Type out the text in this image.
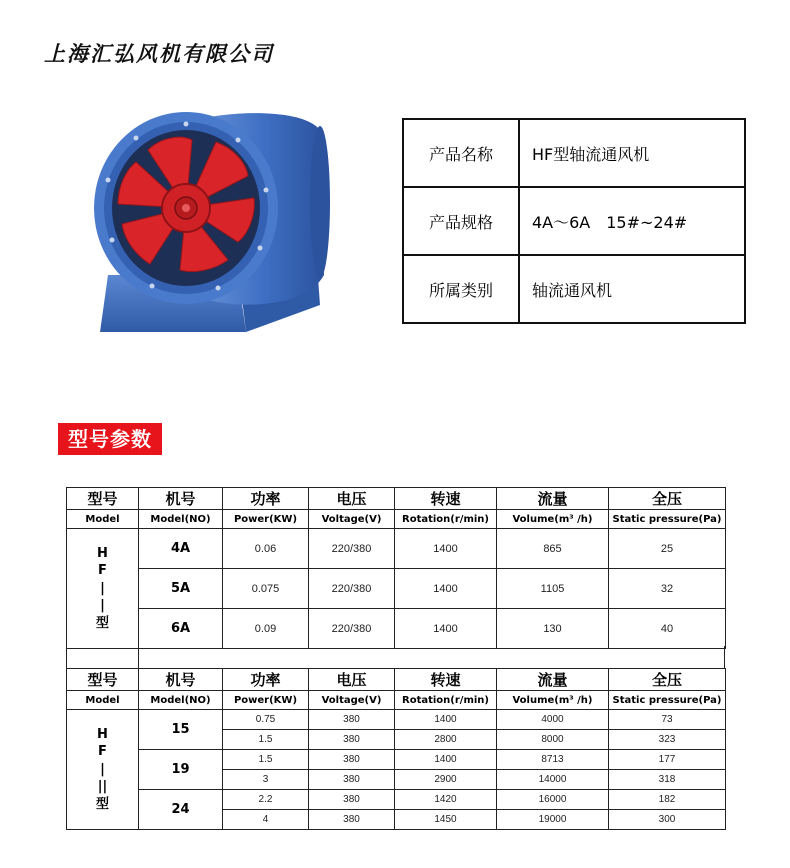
上海汇弘风机有限公司
产品名称	HF型轴流通风机
产品规格	4A～6A　15#~24#
所属类别	轴流通风机
型号参数
型号	机号	功率	电压	转速	流量	全压
Model	Model(NO)	Power(KW)	Voltage(V)	Rotation(r/min)	Volume(m³ /h)	Static pressure(Pa)

H
F
|
|
型	4A	0.06	220/380	1400	865	25
	5A	0.075	220/380	1400	1105	32
	6A	0.09	220/380	1400	130	40
型号	机号	功率	电压	转速	流量	全压
Model	Model(NO)	Power(KW)	Voltage(V)	Rotation(r/min)	Volume(m³ /h)	Static pressure(Pa)

H
F
|
||
型	15	0.75	380	1400	4000	73
		1.5	380	2800	8000	323
	19	1.5	380	1400	8713	177
		3	380	2900	14000	318
	24	2.2	380	1420	16000	182
		4	380	1450	19000	300
